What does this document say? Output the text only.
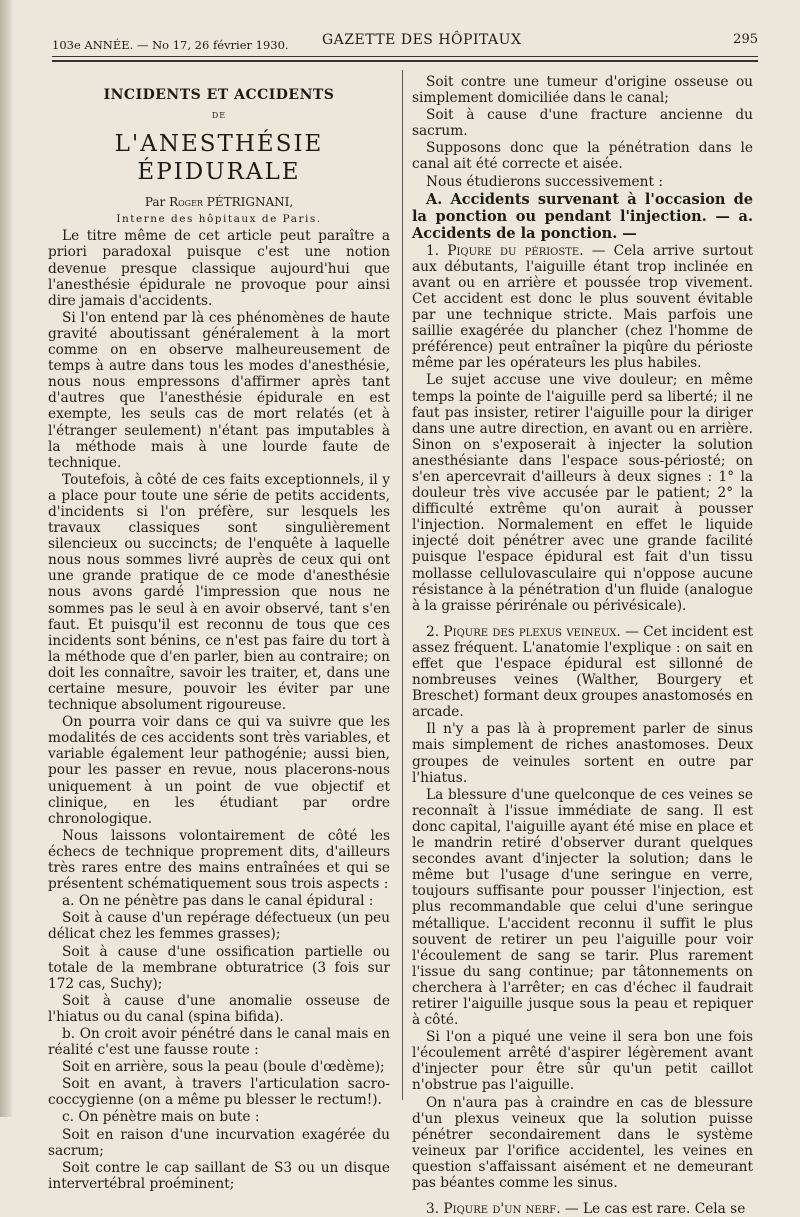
103e ANNÉE. — No 17, 26 février 1930. GAZETTE DES HÔPITAUX	295
INCIDENTS ET ACCIDENTS
DE
L'ANESTHÉSIE ÉPIDURALE

Par Roger PÉTRIGNANI,

Interne des hôpitaux de Paris.

Le titre même de cet article peut paraître a priori paradoxal puisque c'est une notion devenue presque classique aujourd'hui que l'anesthésie épidurale ne provoque pour ainsi dire jamais d'accidents.

Si l'on entend par là ces phénomènes de haute gravité aboutissant généralement à la mort comme on en observe malheureusement de temps à autre dans tous les modes d'anesthésie, nous nous empressons d'affirmer après tant d'autres que l'anesthésie épidurale en est exempte, les seuls cas de mort relatés (et à l'étranger seulement) n'étant pas imputables à la méthode mais à une lourde faute de technique.

Toutefois, à côté de ces faits exceptionnels, il y a place pour toute une série de petits accidents, d'incidents si l'on préfère, sur lesquels les travaux classiques sont singulièrement silencieux ou succincts; de l'enquête à laquelle nous nous sommes livré auprès de ceux qui ont une grande pratique de ce mode d'anesthésie nous avons gardé l'impression que nous ne sommes pas le seul à en avoir observé, tant s'en faut. Et puisqu'il est reconnu de tous que ces incidents sont bénins, ce n'est pas faire du tort à la méthode que d'en parler, bien au contraire; on doit les connaître, savoir les traiter, et, dans une certaine mesure, pouvoir les éviter par une technique absolument rigoureuse.

On pourra voir dans ce qui va suivre que les modalités de ces accidents sont très variables, et variable également leur pathogénie; aussi bien, pour les passer en revue, nous placerons-nous uniquement à un point de vue objectif et clinique, en les étudiant par ordre chronologique.

Nous laissons volontairement de côté les échecs de technique proprement dits, d'ailleurs très rares entre des mains entraînées et qui se présentent schématiquement sous trois aspects :

a. On ne pénètre pas dans le canal épidural :

Soit à cause d'un repérage défectueux (un peu délicat chez les femmes grasses);

Soit à cause d'une ossification partielle ou totale de la membrane obturatrice (3 fois sur 172 cas, Suchy);

Soit à cause d'une anomalie osseuse de l'hiatus ou du canal (spina bifida).

b. On croit avoir pénétré dans le canal mais en réalité c'est une fausse route :

Soit en arrière, sous la peau (boule d'œdème);

Soit en avant, à travers l'articulation sacro-coccygienne (on a même pu blesser le rectum!).

c. On pénètre mais on bute :

Soit en raison d'une incurvation exagérée du sacrum;

Soit contre le cap saillant de S3 ou un disque intervertébral proéminent;

Soit contre une tumeur d'origine osseuse ou simplement domiciliée dans le canal;

Soit à cause d'une fracture ancienne du sacrum.

Supposons donc que la pénétration dans le canal ait été correcte et aisée.

Nous étudierons successivement :

A. Accidents survenant à l'occasion de la ponction ou pendant l'injection. — a. Accidents de la ponction. —

1. Piqure du périoste. — Cela arrive surtout aux débutants, l'aiguille étant trop inclinée en avant ou en arrière et poussée trop vivement. Cet accident est donc le plus souvent évitable par une technique stricte. Mais parfois une saillie exagérée du plancher (chez l'homme de préférence) peut entraîner la piqûre du périoste même par les opérateurs les plus habiles.

Le sujet accuse une vive douleur; en même temps la pointe de l'aiguille perd sa liberté; il ne faut pas insister, retirer l'aiguille pour la diriger dans une autre direction, en avant ou en arrière. Sinon on s'exposerait à injecter la solution anesthésiante dans l'espace sous-périosté; on s'en apercevrait d'ailleurs à deux signes : 1° la douleur très vive accusée par le patient; 2° la difficulté extrême qu'on aurait à pousser l'injection. Normalement en effet le liquide injecté doit pénétrer avec une grande facilité puisque l'espace épidural est fait d'un tissu mollasse cellulovasculaire qui n'oppose aucune résistance à la pénétration d'un fluide (analogue à la graisse périrénale ou périvésicale).

2. Piqure des plexus veineux. — Cet incident est assez fréquent. L'anatomie l'explique : on sait en effet que l'espace épidural est sillonné de nombreuses veines (Walther, Bourgery et Breschet) formant deux groupes anastomosés en arcade.

Il n'y a pas là à proprement parler de sinus mais simplement de riches anastomoses. Deux groupes de veinules sortent en outre par l'hiatus.

La blessure d'une quelconque de ces veines se reconnaît à l'issue immédiate de sang. Il est donc capital, l'aiguille ayant été mise en place et le mandrin retiré d'observer durant quelques secondes avant d'injecter la solution; dans le même but l'usage d'une seringue en verre, toujours suffisante pour pousser l'injection, est plus recommandable que celui d'une seringue métallique. L'accident reconnu il suffit le plus souvent de retirer un peu l'aiguille pour voir l'écoulement de sang se tarir. Plus rarement l'issue du sang continue; par tâtonnements on cherchera à l'arrêter; en cas d'échec il faudrait retirer l'aiguille jusque sous la peau et repiquer à côté.

Si l'on a piqué une veine il sera bon une fois l'écoulement arrêté d'aspirer légèrement avant d'injecter pour être sûr qu'un petit caillot n'obstrue pas l'aiguille.

On n'aura pas à craindre en cas de blessure d'un plexus veineux que la solution puisse pénétrer secondairement dans le système veineux par l'orifice accidentel, les veines en question s'affaissant aisément et ne demeurant pas béantes comme les sinus.

3. Piqure d'un nerf. — Le cas est rare. Cela se
